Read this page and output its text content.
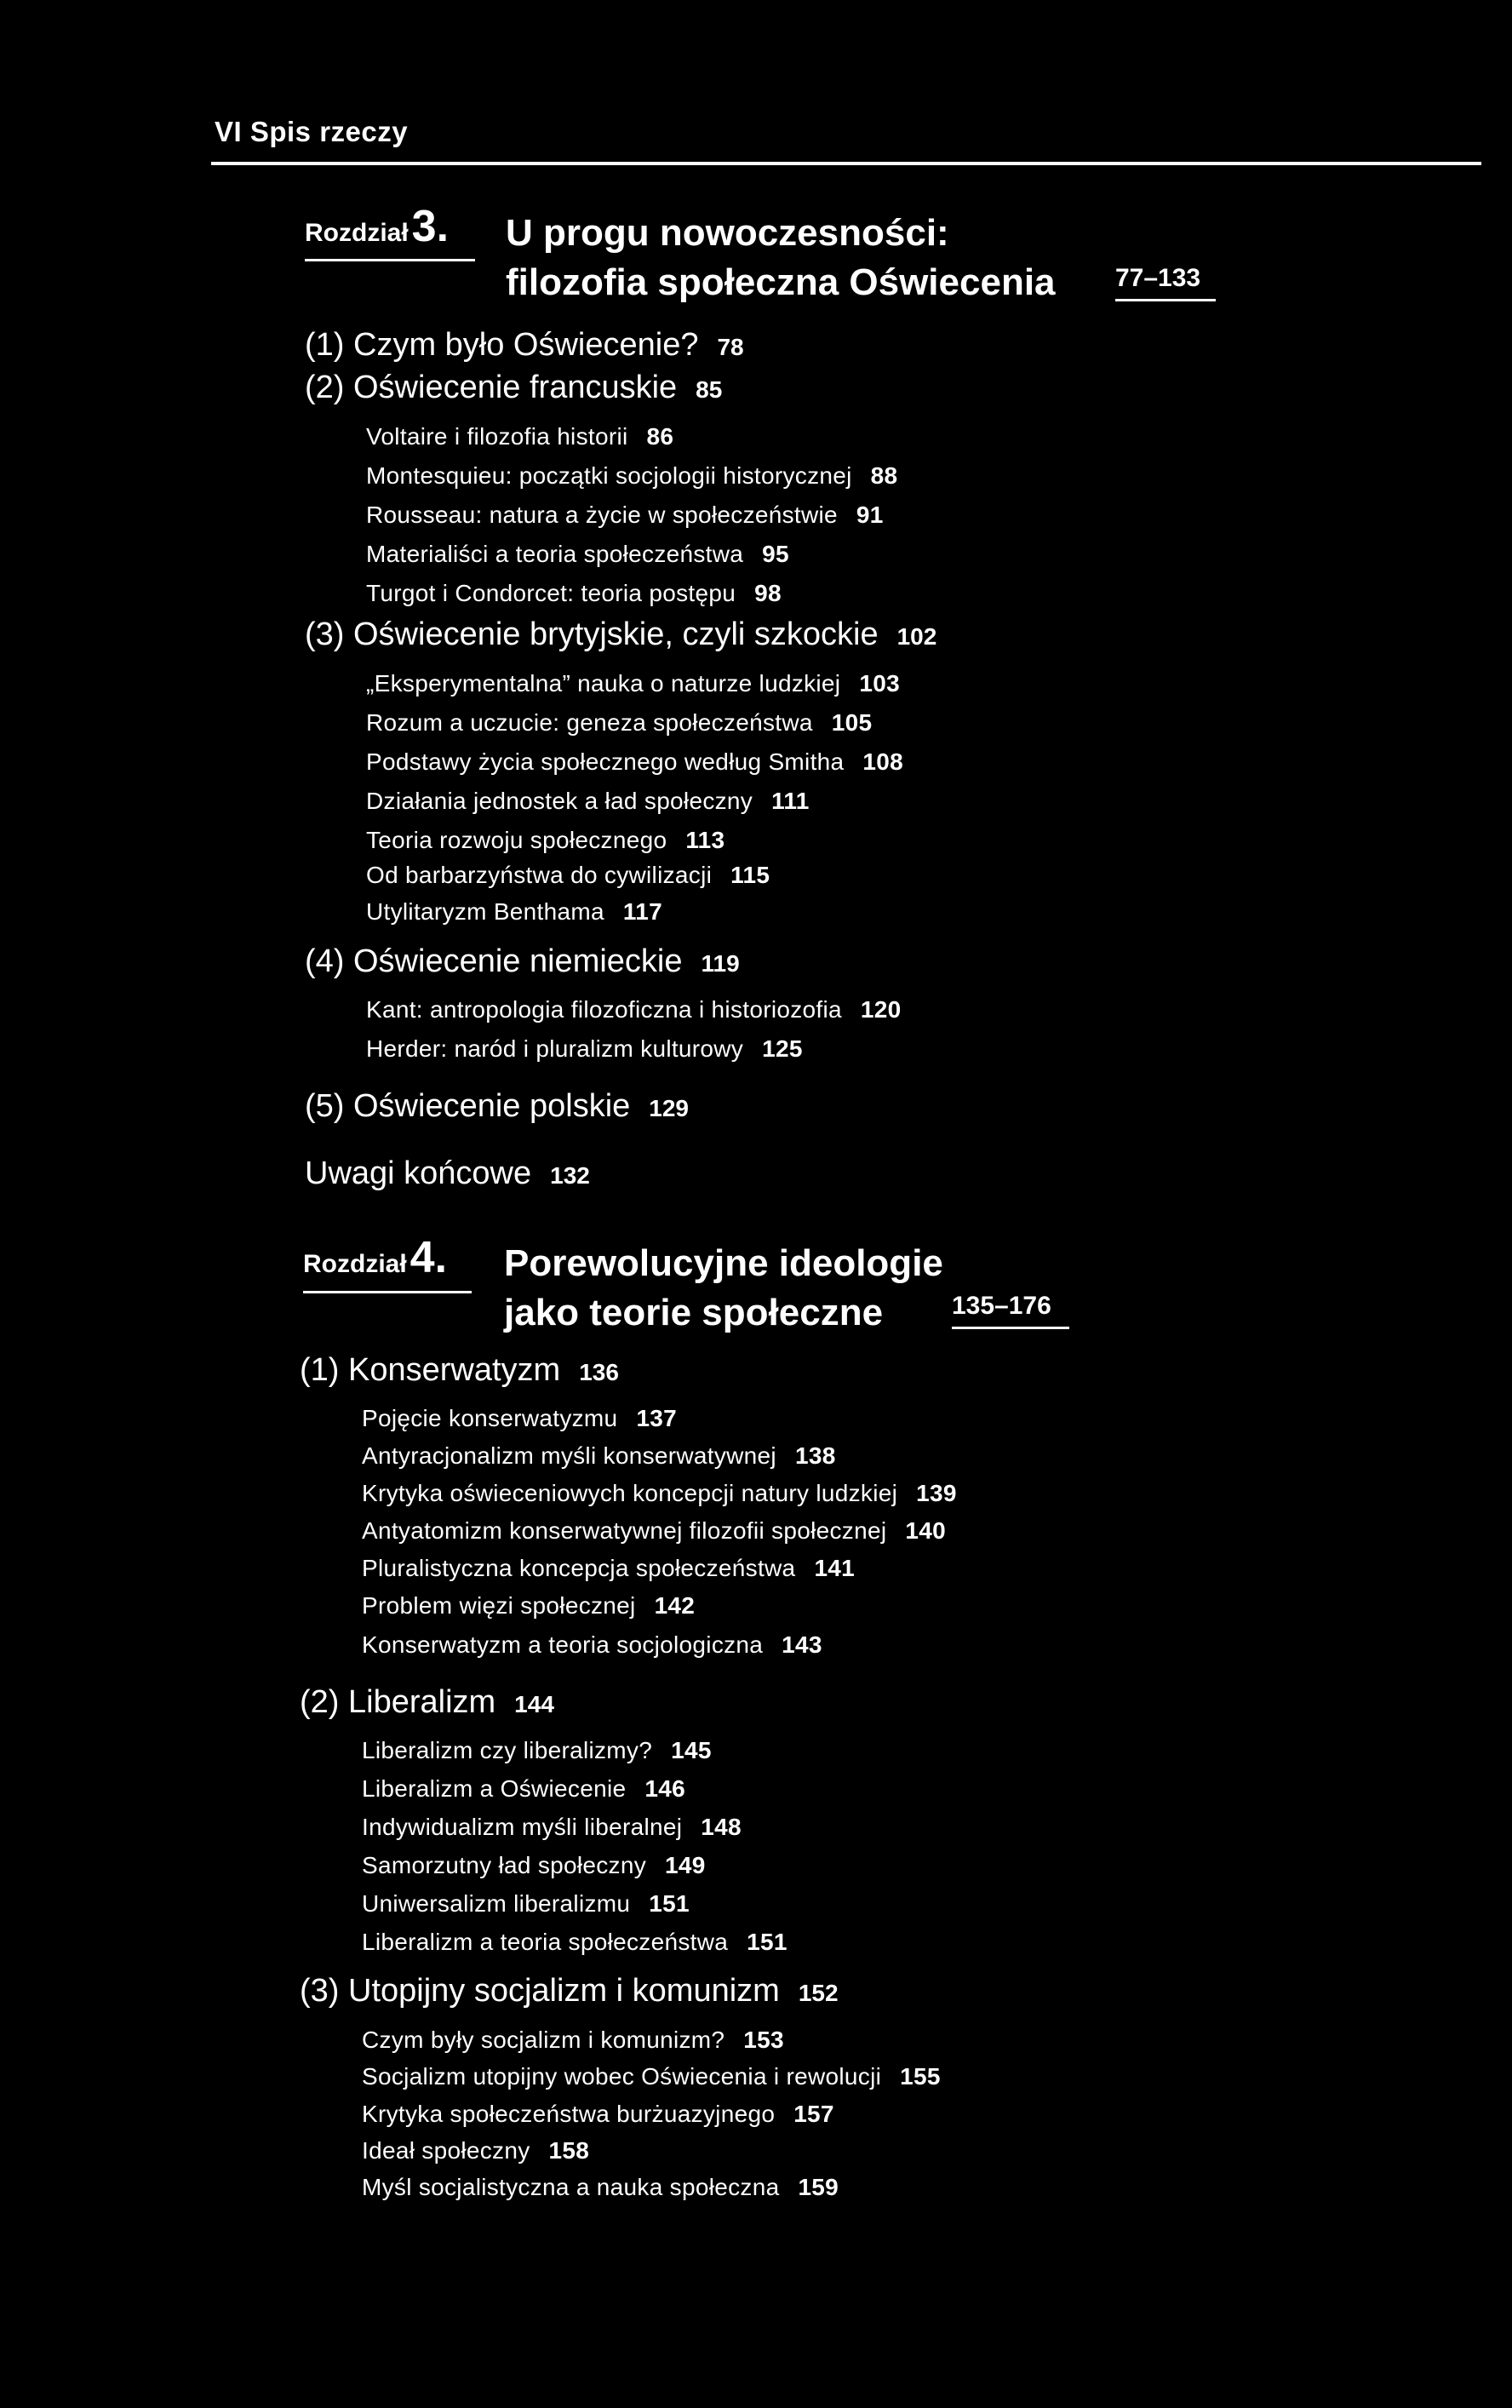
VI Spis rzeczy
Rozdział3. U progu nowoczesności:
filozofia społeczna Oświecenia 77–133
(1) Czym było Oświecenie? 78
(2) Oświecenie francuskie 85
Voltaire i filozofia historii 86
Montesquieu: początki socjologii historycznej 88
Rousseau: natura a życie w społeczeństwie 91
Materialiści a teoria społeczeństwa 95
Turgot i Condorcet: teoria postępu 98
(3) Oświecenie brytyjskie, czyli szkockie 102
„Eksperymentalna” nauka o naturze ludzkiej 103
Rozum a uczucie: geneza społeczeństwa 105
Podstawy życia społecznego według Smitha 108
Działania jednostek a ład społeczny 111
Teoria rozwoju społecznego 113
Od barbarzyństwa do cywilizacji 115
Utylitaryzm Benthama 117
(4) Oświecenie niemieckie 119
Kant: antropologia filozoficzna i historiozofia 120
Herder: naród i pluralizm kulturowy 125
(5) Oświecenie polskie 129
Uwagi końcowe 132
Rozdział4. Porewolucyjne ideologie
jako teorie społeczne	135–176
(1) Konserwatyzm 136
Pojęcie konserwatyzmu 137
Antyracjonalizm myśli konserwatywnej 138
Krytyka oświeceniowych koncepcji natury ludzkiej 139
Antyatomizm konserwatywnej filozofii społecznej 140
Pluralistyczna koncepcja społeczeństwa 141
Problem więzi społecznej 142
Konserwatyzm a teoria socjologiczna 143
(2) Liberalizm 144
Liberalizm czy liberalizmy? 145
Liberalizm a Oświecenie 146
Indywidualizm myśli liberalnej 148
Samorzutny ład społeczny 149
Uniwersalizm liberalizmu 151
Liberalizm a teoria społeczeństwa 151
(3) Utopijny socjalizm i komunizm 152
Czym były socjalizm i komunizm? 153
Socjalizm utopijny wobec Oświecenia i rewolucji 155
Krytyka społeczeństwa burżuazyjnego 157
Ideał społeczny 158
Myśl socjalistyczna a nauka społeczna 159
